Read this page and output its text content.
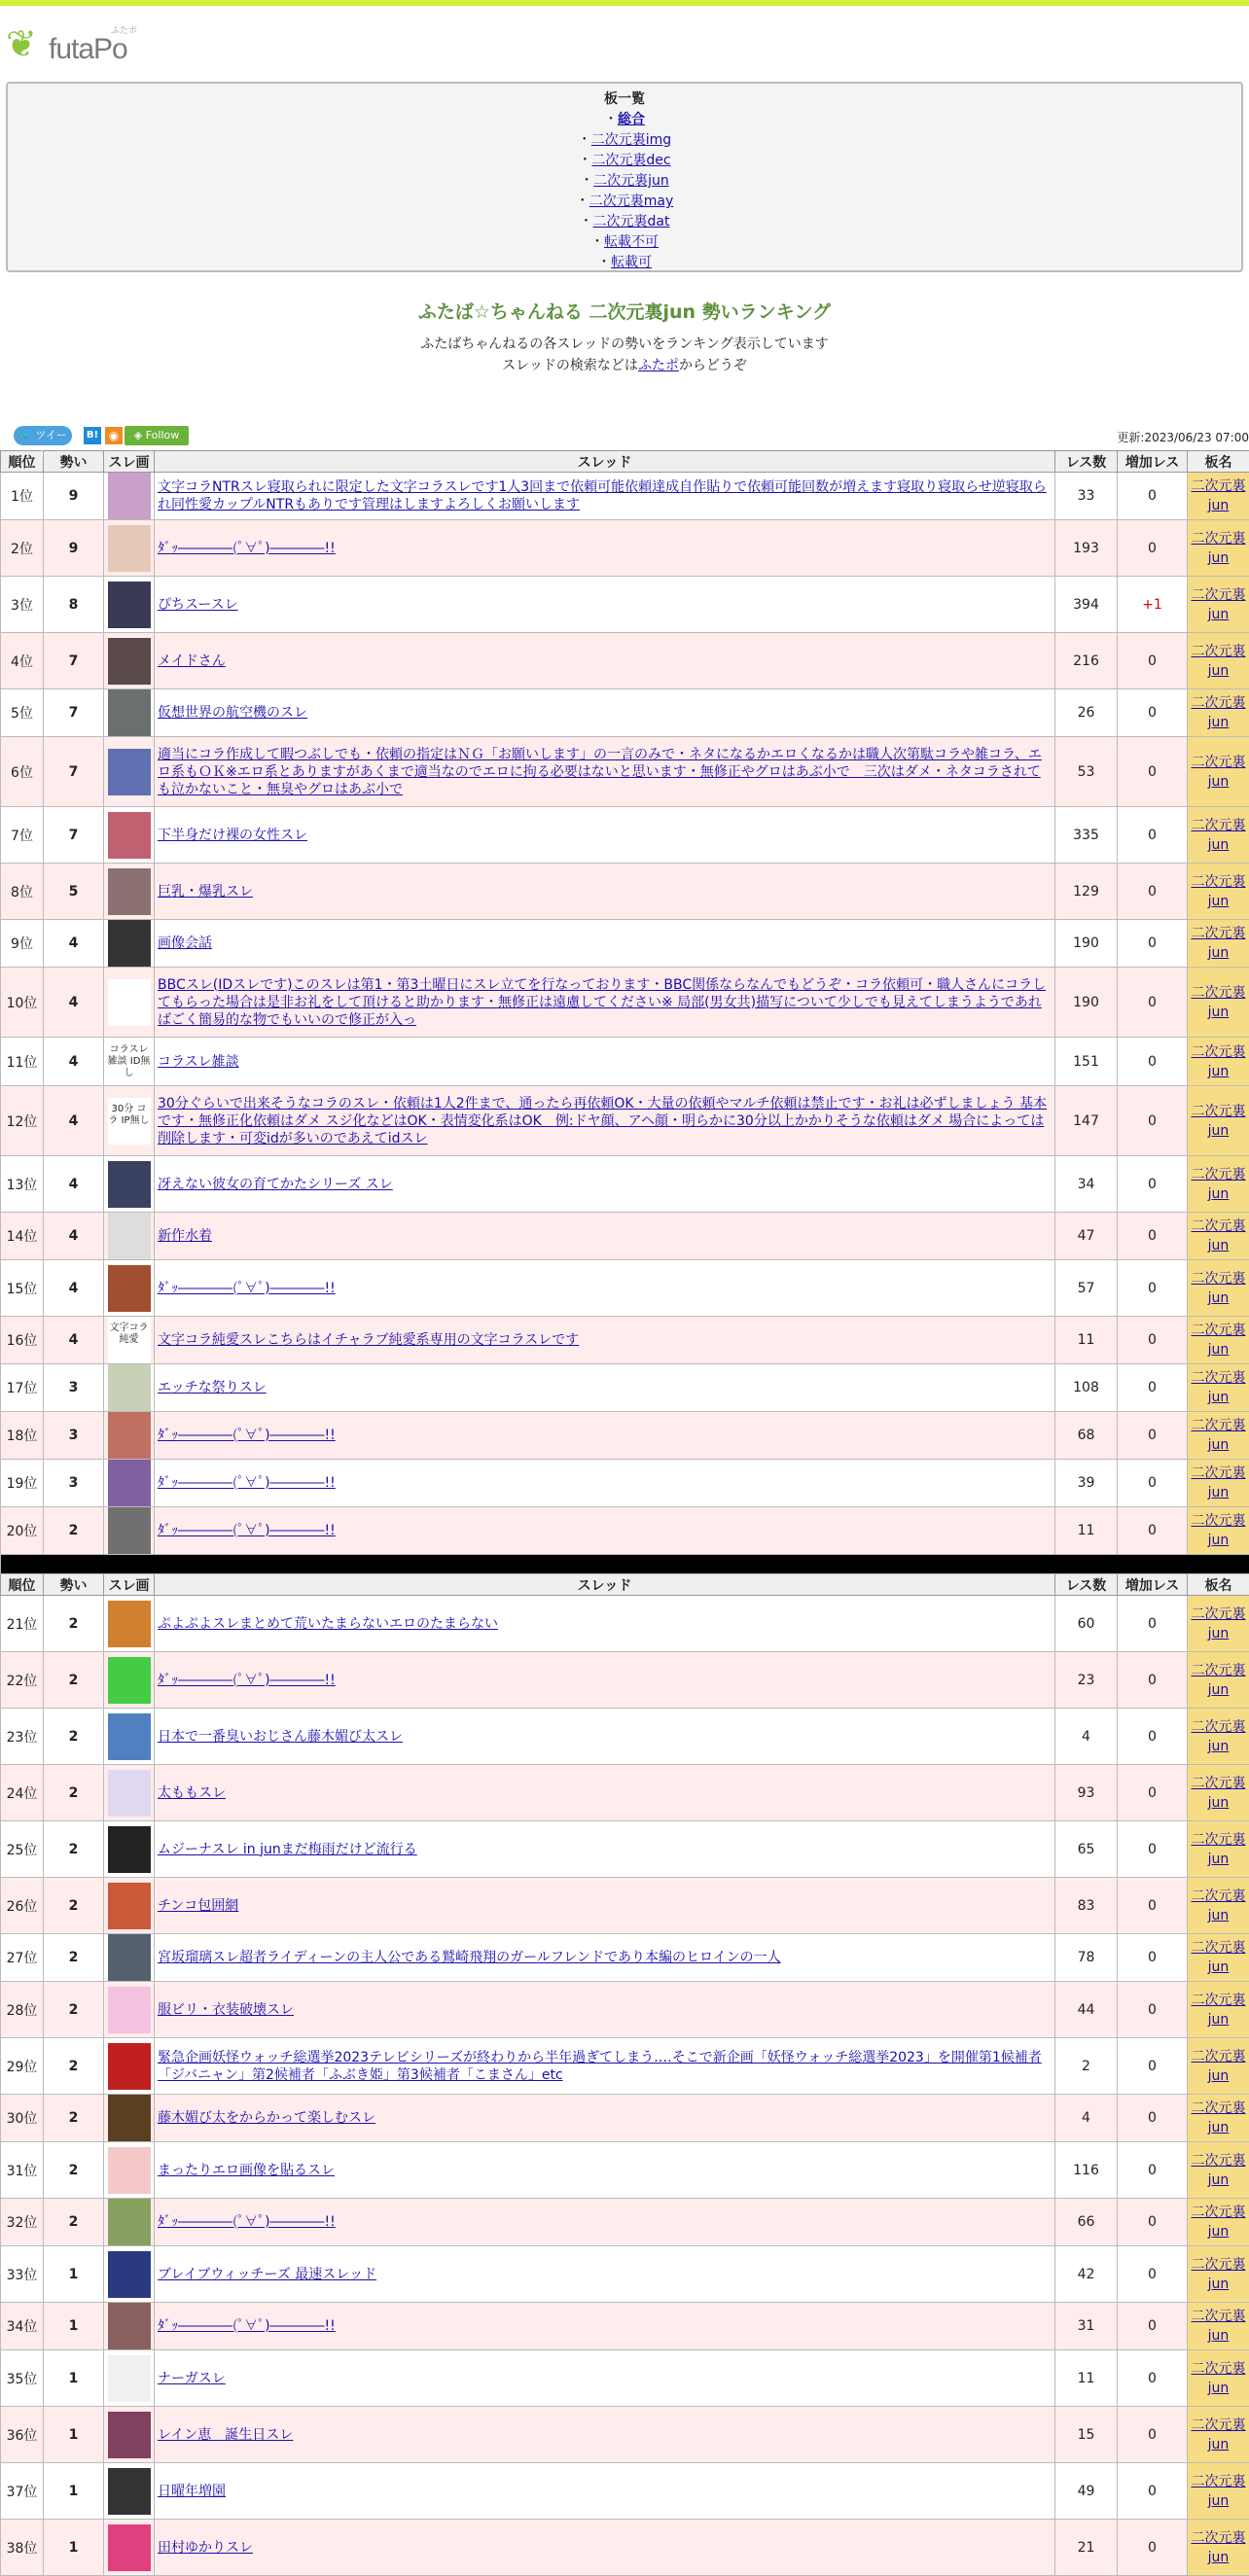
❦ futaPo
ふたポ
板一覧
・総合
・二次元裏img
・二次元裏dec
・二次元裏jun
・二次元裏may
・二次元裏dat
・転載不可
・転載可
ふたば☆ちゃんねる 二次元裏jun 勢いランキング

ふたばちゃんねるの各スレッドの勢いをランキング表示しています

スレッドの検索などはふたポからどうぞ

🐦 ツイート
B! ◉	◈ Follow	更新:2023/06/23 07:00
順位	勢い	スレ画	スレッド	レス数	増加レス	板名
1位	9		文字コラNTRスレ寝取られに限定した文字コラスレです1人3回まで依頼可能依頼達成自作貼りで依頼可能回数が増えます寝取り寝取らせ逆寝取られ同性愛カップルNTRもありです管理はしますよろしくお願いします	33	0	二次元裏 jun
2位	9		ﾀﾞｯ――――(ﾟ∀ﾟ)――――!!	193	0	二次元裏 jun
3位	8		ぴちスースレ	394	+1	二次元裏 jun
4位	7		メイドさん	216	0	二次元裏 jun
5位	7		仮想世界の航空機のスレ	26	0	二次元裏 jun
6位	7		適当にコラ作成して暇つぶしでも・依頼の指定はＮＧ「お願いします」の一言のみで・ネタになるかエロくなるかは職人次第駄コラや雑コラ、エロ系もＯＫ※エロ系とありますがあくまで適当なのでエロに拘る必要はないと思います・無修正やグロはあぶ小で　三次はダメ・ネタコラされても泣かないこと・無臭やグロはあぶ小で	53	0	二次元裏 jun
7位	7		下半身だけ裸の女性スレ	335	0	二次元裏 jun
8位	5		巨乳・爆乳スレ	129	0	二次元裏 jun
9位	4		画像会話	190	0	二次元裏 jun
10位	4		BBCスレ(IDスレです)このスレは第1・第3土曜日にスレ立てを行なっております・BBC関係ならなんでもどうぞ・コラ依頼可・職人さんにコラしてもらった場合は是非お礼をして頂けると助かります・無修正は遠慮してください※ 局部(男女共)描写について少しでも見えてしまうようであればごく簡易的な物でもいいので修正が入っ	190	0	二次元裏 jun
11位	4	コラスレ雑談 ID無し	コラスレ雑談	151	0	二次元裏 jun
12位	4	30分 コラ IP無し	30分ぐらいで出来そうなコラのスレ・依頼は1人2件まで、通ったら再依頼OK・大量の依頼やマルチ依頼は禁止です・お礼は必ずしましょう 基本です・無修正化依頼はダメ スジ化などはOK・表情変化系はOK　例:ドヤ顔、アヘ顔・明らかに30分以上かかりそうな依頼はダメ 場合によっては削除します・可変idが多いのであえてidスレ	147	0	二次元裏 jun
13位	4		冴えない彼女の育てかたシリーズ スレ	34	0	二次元裏 jun
14位	4		新作水着	47	0	二次元裏 jun
15位	4		ﾀﾞｯ――――(ﾟ∀ﾟ)――――!!	57	0	二次元裏 jun
16位	4	文字コラ 純愛	文字コラ純愛スレこちらはイチャラブ純愛系専用の文字コラスレです	11	0	二次元裏 jun
17位	3		エッチな祭りスレ	108	0	二次元裏 jun
18位	3		ﾀﾞｯ――――(ﾟ∀ﾟ)――――!!	68	0	二次元裏 jun
19位	3		ﾀﾞｯ――――(ﾟ∀ﾟ)――――!!	39	0	二次元裏 jun
20位	2		ﾀﾞｯ――――(ﾟ∀ﾟ)――――!!	11	0	二次元裏 jun

順位	勢い	スレ画	スレッド	レス数	増加レス	板名
21位	2		ぷよぷよスレまとめて荒いたまらないエロのたまらない	60	0	二次元裏 jun
22位	2		ﾀﾞｯ――――(ﾟ∀ﾟ)――――!!	23	0	二次元裏 jun
23位	2		日本で一番臭いおじさん藤木媚び太スレ	4	0	二次元裏 jun
24位	2		太ももスレ	93	0	二次元裏 jun
25位	2		ムジーナスレ in junまだ梅雨だけど流行る	65	0	二次元裏 jun
26位	2		チンコ包囲網	83	0	二次元裏 jun
27位	2		宮坂瑠璃スレ超者ライディーンの主人公である鷲崎飛翔のガールフレンドであり本編のヒロインの一人	78	0	二次元裏 jun
28位	2		服ビリ・衣装破壊スレ	44	0	二次元裏 jun
29位	2		緊急企画妖怪ウォッチ総選挙2023テレビシリーズが終わりから半年過ぎてしまう‥‥そこで新企画「妖怪ウォッチ総選挙2023」を開催第1候補者「ジバニャン」第2候補者「ふぶき姫」第3候補者「こまさん」etc	2	0	二次元裏 jun
30位	2		藤木媚び太をからかって楽しむスレ	4	0	二次元裏 jun
31位	2		まったりエロ画像を貼るスレ	116	0	二次元裏 jun
32位	2		ﾀﾞｯ――――(ﾟ∀ﾟ)――――!!	66	0	二次元裏 jun
33位	1		ブレイブウィッチーズ 最速スレッド	42	0	二次元裏 jun
34位	1		ﾀﾞｯ――――(ﾟ∀ﾟ)――――!!	31	0	二次元裏 jun
35位	1		ナーガスレ	11	0	二次元裏 jun
36位	1		レイン恵　誕生日スレ	15	0	二次元裏 jun
37位	1		日曜年増園	49	0	二次元裏 jun
38位	1		田村ゆかりスレ	21	0	二次元裏 jun
